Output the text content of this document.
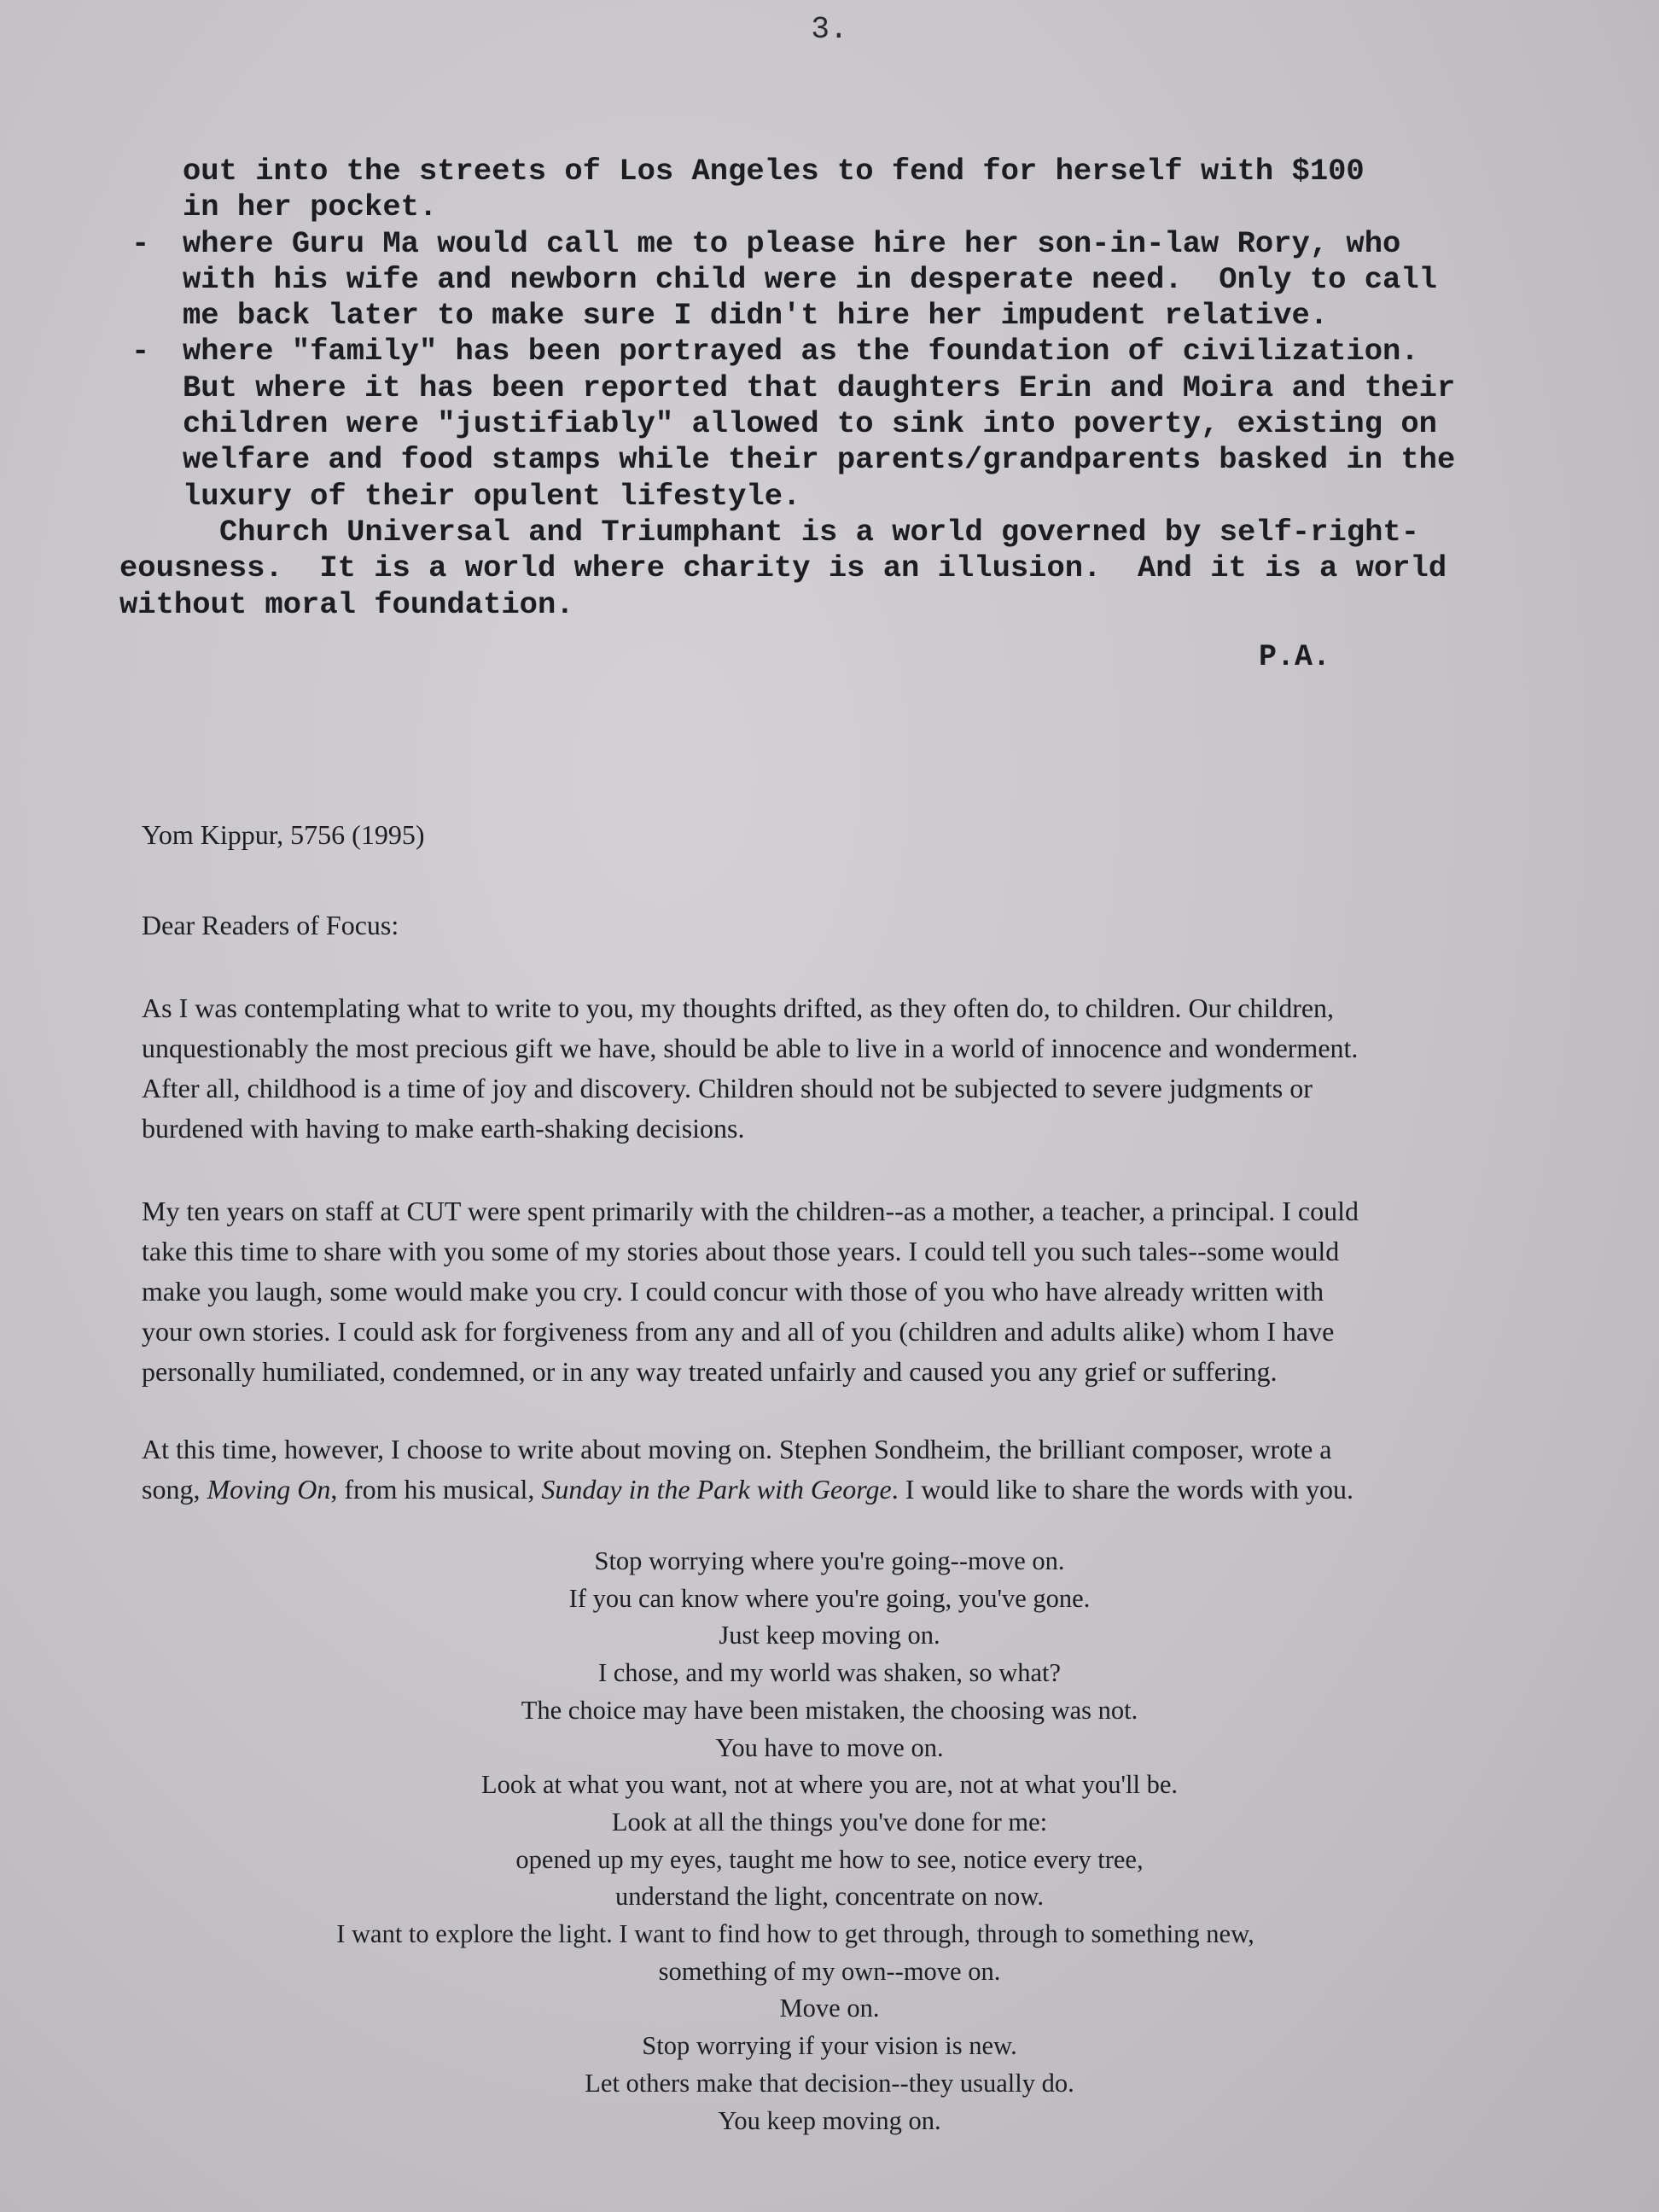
3.
out into the streets of Los Angeles to fend for herself with $100
in her pocket.
- where Guru Ma would call me to please hire her son-in-law Rory, who
with his wife and newborn child were in desperate need.  Only to call
me back later to make sure I didn't hire her impudent relative.
- where "family" has been portrayed as the foundation of civilization.
But where it has been reported that daughters Erin and Moira and their
children were "justifiably" allowed to sink into poverty, existing on
welfare and food stamps while their parents/grandparents basked in the
luxury of their opulent lifestyle.
Church Universal and Triumphant is a world governed by self-right-
eousness.  It is a world where charity is an illusion.  And it is a world
without moral foundation.
P.A.
Yom Kippur, 5756 (1995)
Dear Readers of Focus:
As I was contemplating what to write to you, my thoughts drifted, as they often do, to children. Our children,
unquestionably the most precious gift we have, should be able to live in a world of innocence and wonderment.
After all, childhood is a time of joy and discovery. Children should not be subjected to severe judgments or
burdened with having to make earth-shaking decisions.
My ten years on staff at CUT were spent primarily with the children--as a mother, a teacher, a principal. I could
take this time to share with you some of my stories about those years. I could tell you such tales--some would
make you laugh, some would make you cry. I could concur with those of you who have already written with
your own stories. I could ask for forgiveness from any and all of you (children and adults alike) whom I have
personally humiliated, condemned, or in any way treated unfairly and caused you any grief or suffering.
At this time, however, I choose to write about moving on. Stephen Sondheim, the brilliant composer, wrote a
song, Moving On, from his musical, Sunday in the Park with George. I would like to share the words with you.
Stop worrying where you're going--move on.
If you can know where you're going, you've gone.
Just keep moving on.
I chose, and my world was shaken, so what?
The choice may have been mistaken, the choosing was not.
You have to move on.
Look at what you want, not at where you are, not at what you'll be.
Look at all the things you've done for me:
opened up my eyes, taught me how to see, notice every tree,
understand the light, concentrate on now.
I want to explore the light. I want to find how to get through, through to something new,
something of my own--move on.
Move on.
Stop worrying if your vision is new.
Let others make that decision--they usually do.
You keep moving on.
